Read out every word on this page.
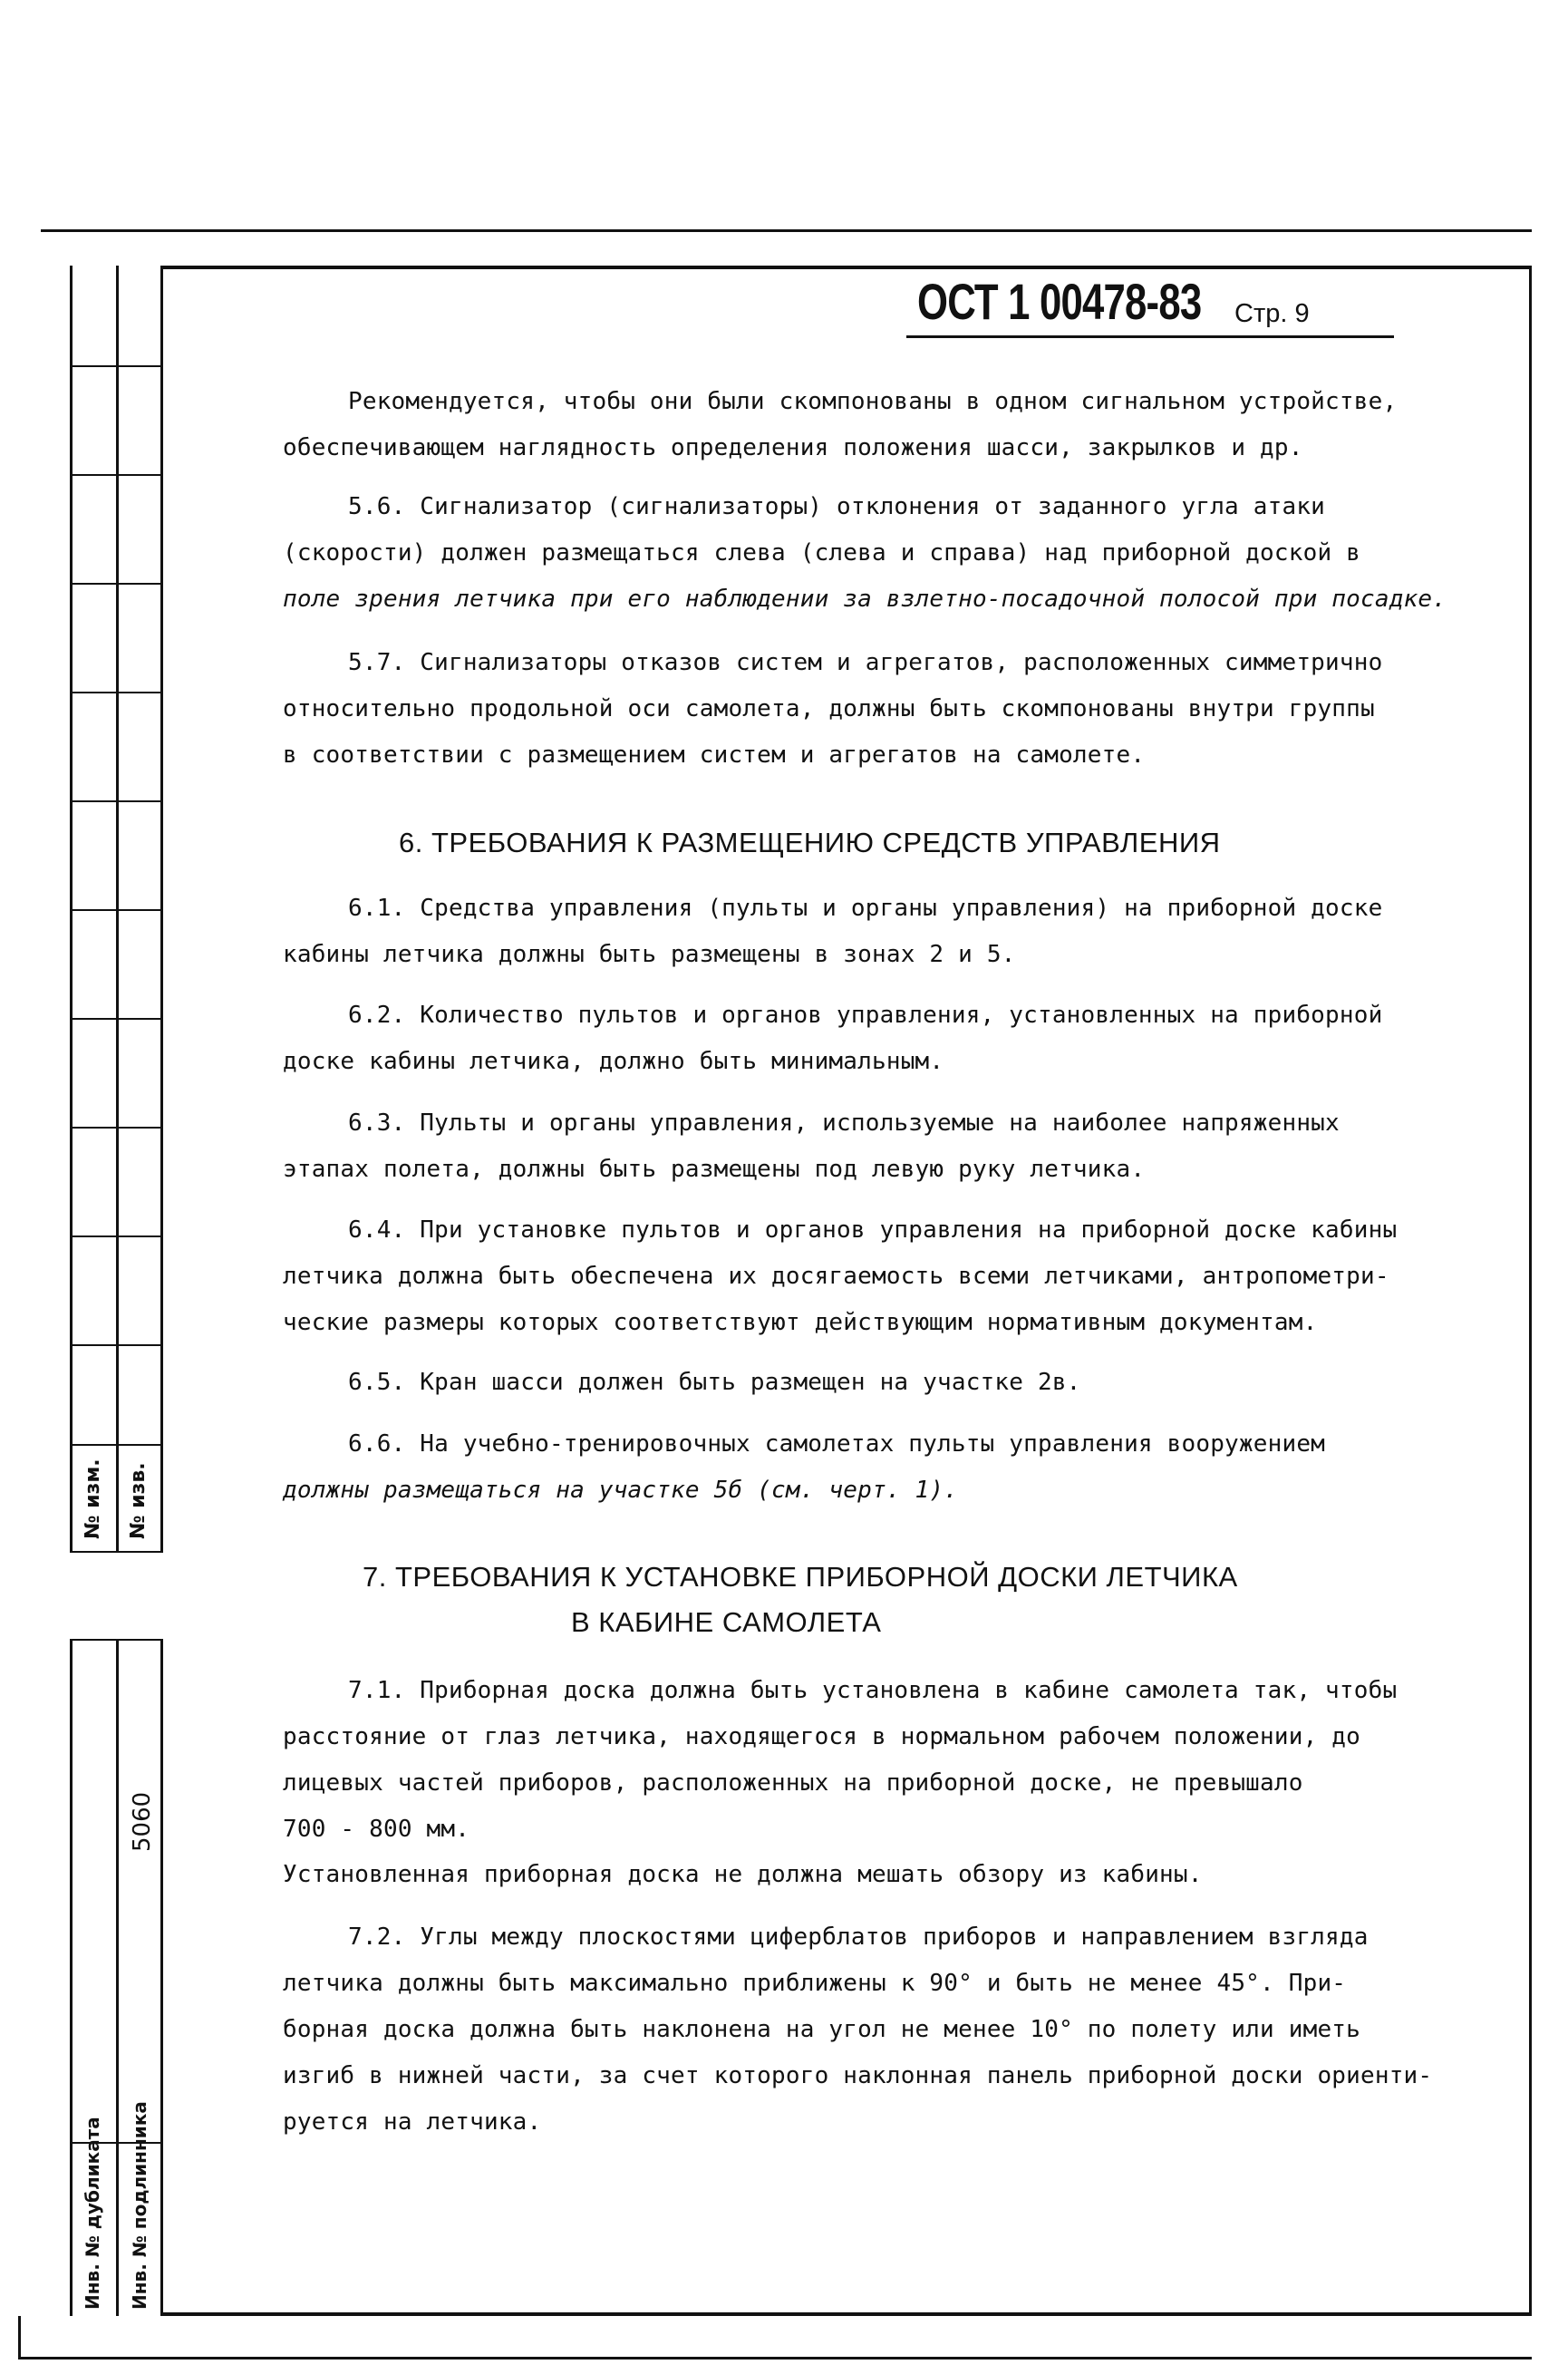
№ изм. № изв.
5060
Инв. № дубликата Инв. № подлинника
ОСТ 1 00478-83 Стр. 9
Рекомендуется, чтобы они были скомпонованы в одном сигнальном устройстве,
обеспечивающем наглядность определения положения шасси, закрылков и др.
5.6. Сигнализатор (сигнализаторы) отклонения от заданного угла атаки
(скорости) должен размещаться слева (слева и справа) над приборной доской в
поле зрения летчика при его наблюдении за взлетно-посадочной полосой при посадке.
5.7. Сигнализаторы отказов систем и агрегатов, расположенных симметрично
относительно продольной оси самолета, должны быть скомпонованы внутри группы
в соответствии с размещением систем и агрегатов на самолете.
6. ТРЕБОВАНИЯ К РАЗМЕЩЕНИЮ СРЕДСТВ УПРАВЛЕНИЯ
6.1. Средства управления (пульты и органы управления) на приборной доске
кабины летчика должны быть размещены в зонах 2 и 5.
6.2. Количество пультов и органов управления, установленных на приборной
доске кабины летчика, должно быть минимальным.
6.3. Пульты и органы управления, используемые на наиболее напряженных
этапах полета, должны быть размещены под левую руку летчика.
6.4. При установке пультов и органов управления на приборной доске кабины
летчика должна быть обеспечена их досягаемость всеми летчиками, антропометри-
ческие размеры которых соответствуют действующим нормативным документам.
6.5. Кран шасси должен быть размещен на участке 2в.
6.6. На учебно-тренировочных самолетах пульты управления вооружением
должны размещаться на участке 5б (см. черт. 1).
7. ТРЕБОВАНИЯ К УСТАНОВКЕ ПРИБОРНОЙ ДОСКИ ЛЕТЧИКА
В КАБИНЕ САМОЛЕТА
7.1. Приборная доска должна быть установлена в кабине самолета так, чтобы
расстояние от глаз летчика, находящегося в нормальном рабочем положении, до
лицевых частей приборов, расположенных на приборной доске, не превышало
700 - 800 мм.
Установленная приборная доска не должна мешать обзору из кабины.
7.2. Углы между плоскостями циферблатов приборов и направлением взгляда
летчика должны быть максимально приближены к 90° и быть не менее 45°. При-
борная доска должна быть наклонена на угол не менее 10° по полету или иметь
изгиб в нижней части, за счет которого наклонная панель приборной доски ориенти-
руется на летчика.
